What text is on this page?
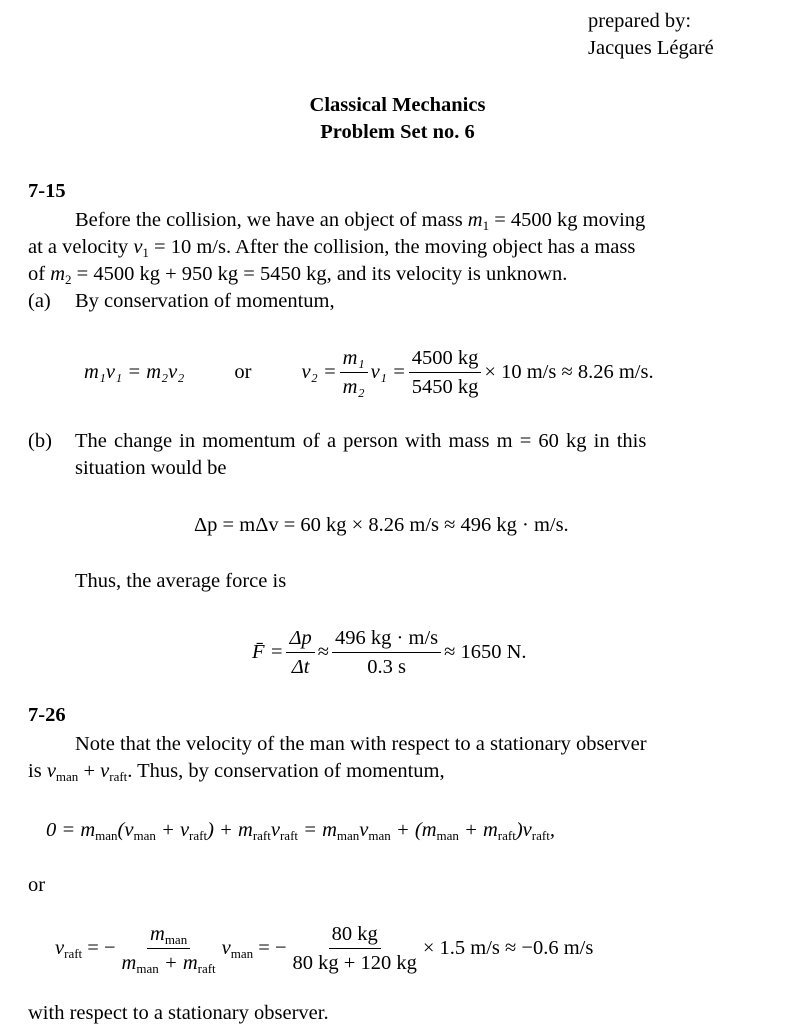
prepared by:
Jacques Légaré
Classical Mechanics
Problem Set no. 6
7-15
Before the collision, we have an object of mass $m_1 = 4500$ kg moving
at a velocity $v_1 = 10$ m/s. After the collision, the moving object has a mass
of $m_2 = 4500$ kg + 950 kg = 5450 kg, and its velocity is unknown.
(a) By conservation of momentum,
m₁v₁ = m₂v₂ or $v_2 = \frac{\text{m₁}}{\text{m₂}} v_1 = \frac{4500 kg}{5450 kg} \times 10$ m/s ≈ 8.26 m/s.
(b) The change in momentum of a person with mass m = 60 kg in this
situation would be
Δp = mΔv = 60 kg × 8.26 m/s ≈ 496 kg · m/s.
Thus, the average force is
F̄ = $\frac{\Delta p}{\Delta t} \approx \frac{496 kg \cdot m/s}{0.3 s} \approx 1650$ N.
7-26
Note that the velocity of the man with respect to a stationary observer
is $v_{man} + v_{raft}$. Thus, by conservation of momentum,
$0 = m_{man}(v_{man} + v_{raft}) + m_{raft}v_{raft} = m_{man}v_{man} + (m_{man} + m_{raft})v_{raft}$,
or
$v_{raft}$ = − $\frac{m_{man}}{m_{man} + m_{raft}} v_{man}$ = − $\frac{80 kg}{80 kg + 120 kg} \times 1.5$ m/s ≈ −0.6 m/s
with respect to a stationary observer.
